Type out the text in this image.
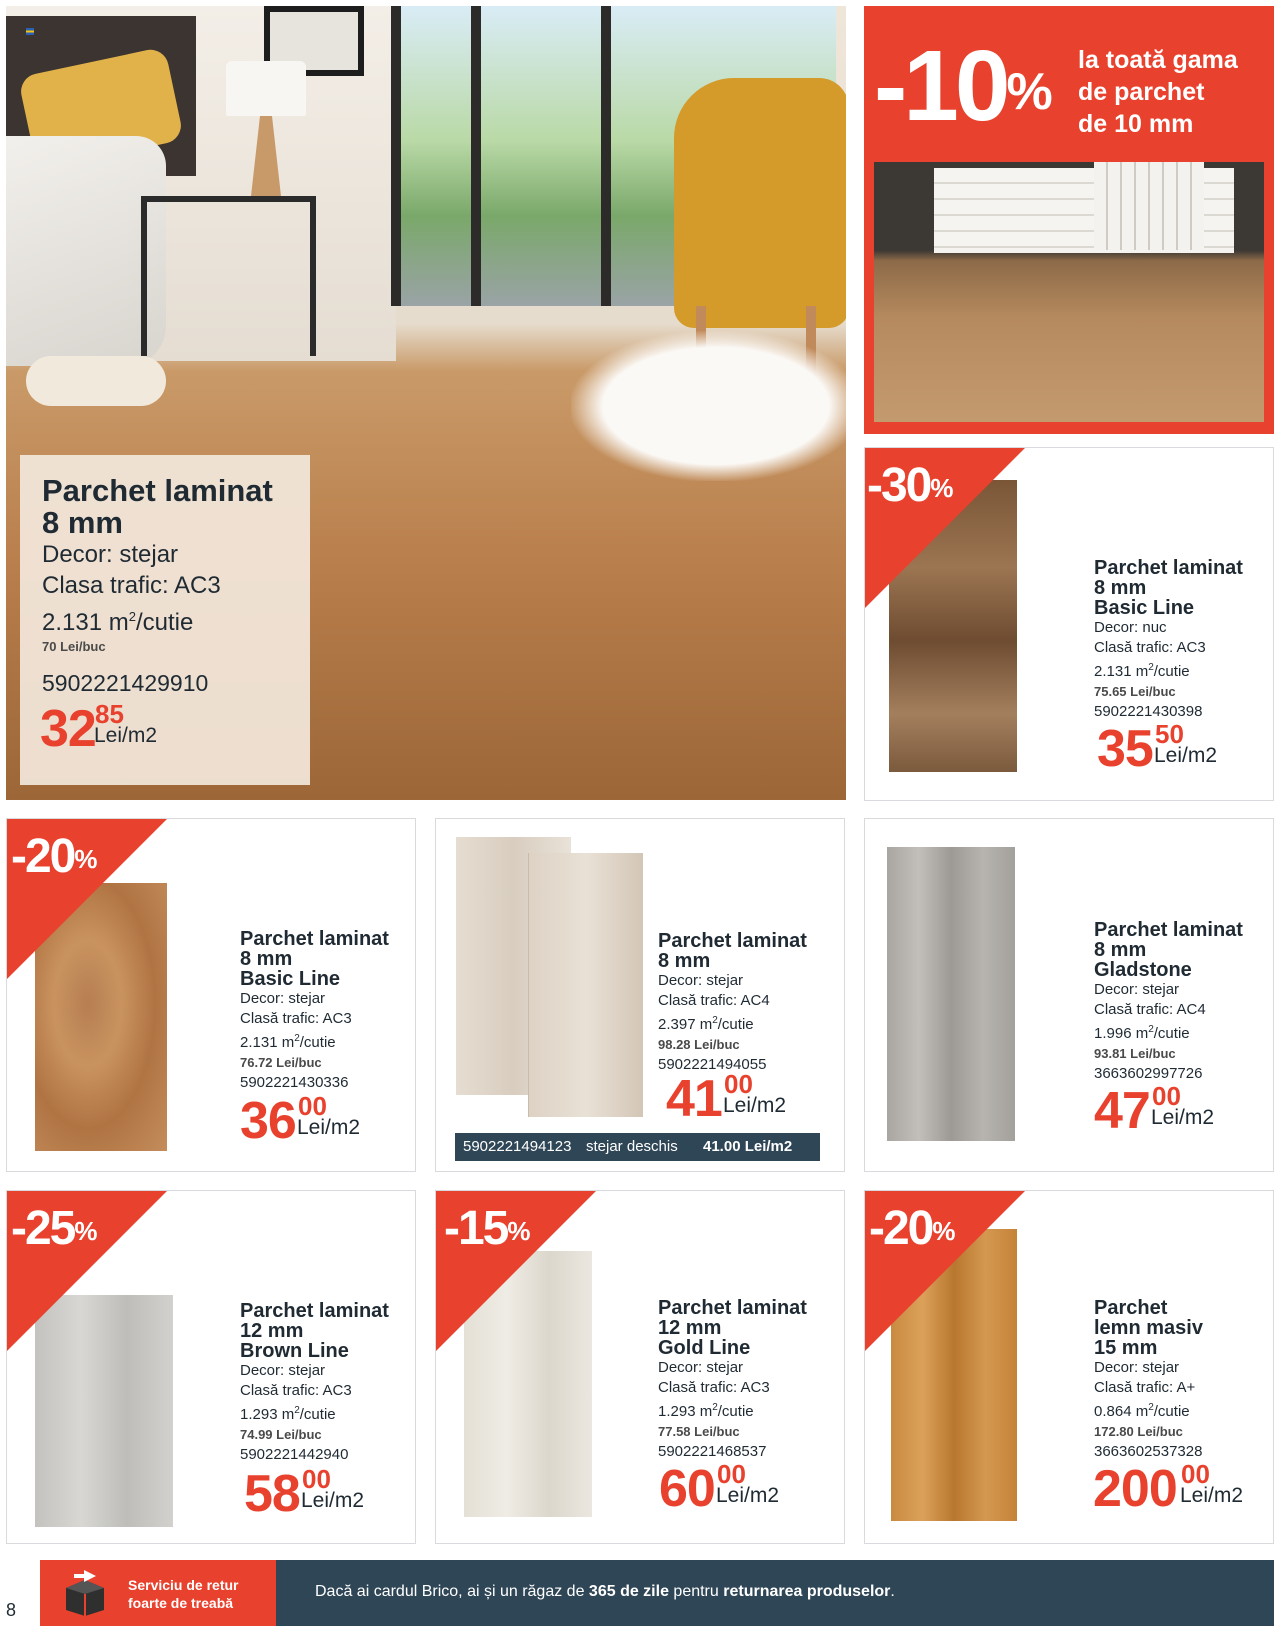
Parchet laminat
8 mm
Decor: stejar
Clasa trafic: AC3
2.131 $m^2$/cutie
70 Lei/buc
5902221429910
32 85
Lei/m2
-10%
la toată gama
de parchet
de 10 mm
-30%
Parchet laminat
8 mm
Basic Line
Decor: nuc
Clasă trafic: AC3
2.131 $m^2$/cutie
75.65 Lei/buc
5902221430398
35 50
Lei/m2
-20%
Parchet laminat
8 mm
Basic Line
Decor: stejar
Clasă trafic: AC3
2.131 $m^2$/cutie
76.72 Lei/buc
5902221430336
36 00
Lei/m2
Parchet laminat
8 mm
Decor: stejar
Clasă trafic: AC4
2.397 $m^2$/cutie
98.28 Lei/buc
5902221494055
41 00
Lei/m2
5902221494123 stejar deschis 41.00 Lei/m2
Parchet laminat
8 mm
Gladstone
Decor: stejar
Clasă trafic: AC4
1.996 $m^2$/cutie
93.81 Lei/buc
3663602997726
47 00
Lei/m2
-25%
Parchet laminat
12 mm
Brown Line
Decor: stejar
Clasă trafic: AC3
1.293 $m^2$/cutie
74.99 Lei/buc
5902221442940
58 00
Lei/m2
-15%
Parchet laminat
12 mm
Gold Line
Decor: stejar
Clasă trafic: AC3
1.293 $m^2$/cutie
77.58 Lei/buc
5902221468537
60 00
Lei/m2
-20%
Parchet
lemn masiv
15 mm
Decor: stejar
Clasă trafic: A+
0.864 $m^2$/cutie
172.80 Lei/buc
3663602537328
200 00
Lei/m2
Serviciu de retur
foarte de treabă
Dacă ai cardul Brico, ai și un răgaz de 365 de zile pentru returnarea produselor.
8
